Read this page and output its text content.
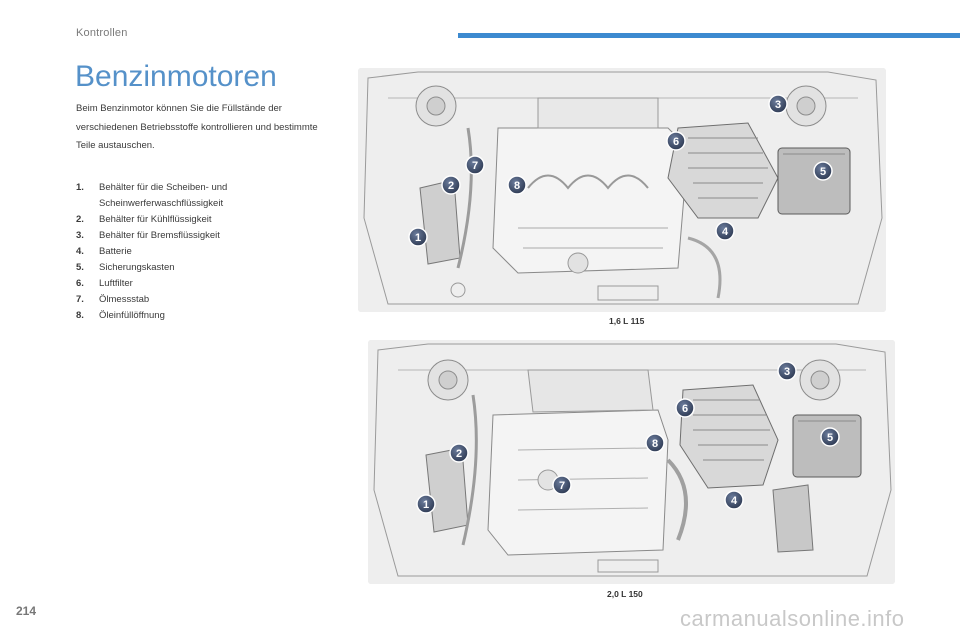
Kontrollen
Benzinmotoren

Beim Benzinmotor können Sie die Füllstände der verschiedenen Betriebsstoffe kontrollieren und bestimmte Teile austauschen.

1.	Behälter für die Scheiben- und Scheinwerferwaschflüssigkeit
2.	Behälter für Kühlflüssigkeit
3.	Behälter für Bremsflüssigkeit
4.	Batterie
5.	Sicherungskasten
6.	Luftfilter
7.	Ölmessstab
8.	Öleinfüllöffnung
1
2
3
4
5
6
7
8
1,6 L 115
1
2
3
4
5
6
7
8
2,0 L 150
214	carmanualsonline.info
